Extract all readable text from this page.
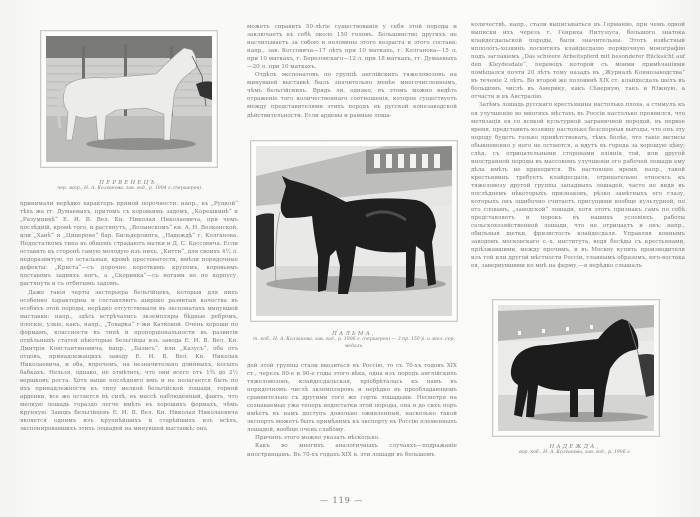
ПЕРВЕНЕЦЪ,
пер. жер., Н. А. Колганова, зав. год., р. 1904 г. (першерон).

принимали нерѣдко характеръ прямой порочности: напр., въ „Руцкой“ тѣхъ же гг. Думаевыхъ, притомъ съ коровьимъ задомъ, „Корешкинѣ“ и „Разумникѣ“ Е. И. В. Вел. Кн. Николая Николаевича, при чемъ послѣдній, кромѣ того, и растянутъ, „Волынскомъ“ кн. А. Н. Волконской, или „Ханѣ“ и „Цицероне“ бар. Бильдерлинга, „Надеждѣ“ г. Колганова. Недостаткомъ типа въ общемъ страдаютъ матки и Д. С. Коссовича. Если оставить въ сторонѣ самую молодую изъ нихъ, „Китти“, для своихъ 4½ л. недоразвитую, то остальныя, кромѣ простоватости, имѣли порядочные дефекты: „Криста“—съ порочно короткимъ крупомъ, коровьимъ поставомъ заднихъ ногъ, а „Скоринка“—съ ногами не по корпусу, растянута и съ отбитымъ задомъ.

Даже такія черты экстерьера бельгійцевъ, которыя для нихъ особенно характерны и составляютъ широко развитыя качества въ особяхъ этой породы, нерѣдко отсутствовали въ экспонатахъ минувшей выставки: напр., здѣсь встрѣчались экземпляры бѣдные ребромъ, плоскіе, узкіе, какъ, напр., „Товарка“ г-жи Катковой. Очень хороши по формамъ, классности въ типѣ и пропорціональности въ развитіи отдѣльныхъ статей нѣкоторые бельгійцы изъ завода Е. И. В. Вел. Кн. Дмитрія Константиновича, напр., „Базисъ“, или „Казусъ“, оба отъ отцовъ, принадлежащихъ заводу Е. И. В. Вел. Кн. Николая Николаевича, и оба, впрочемъ, на незначительно длинныхъ, косыхъ бабкахъ. Нельзя, однако, не отмѣтить, что они всего отъ 1¾ до 2½ вершковъ роста. Хотя выше послѣдняго имъ и не полагается быть по ихъ принадлежности къ типу мелкой бельгійской лошади, горной арденки, все же остается въ силѣ, въ массѣ наблюденный, фактъ, что мелкую лошадь гораздо легче имѣть въ хорошихъ формахъ, чѣмъ крупную. Заводъ бельгійцевъ Е. И. В. Вел. Кн. Николая Николаевича является однимъ изъ крупнѣйшихъ и старѣйшихъ изъ всѣхъ, экспонировавшихъ этихъ лошадей на минувшей выставкѣ; онъ

можетъ справить 50-лѣтіе существованія у себя этой породы и заключаетъ въ себѣ около 150 головъ. Большинство другихъ не насчитываетъ за собою и половины этого возраста и этого состава: напр., зав. Коссовича—17 лѣтъ при 10 маткахъ, г. Колганова—15 л. при 10 маткахъ, г. Березовскаго—12 л. при 18 маткахъ, гг. Думаевыхъ—20 л. при 10 маткахъ.

Отдѣлъ экспонатовъ по группѣ англійскихъ тяжеловозовъ на минувшей выставкѣ былъ значительно менѣе многочисленнымъ, чѣмъ бельгійскихъ. Врядъ ли, однако, въ этомъ можно видѣть отраженіе того количественнаго соотношенія, которое существуетъ между представителями этихъ породъ въ русской конезаводской дѣйствительности. Если ардены и рамные лоша-

ПАЛЬМА,
т. коб., Н. А. Колганова, зав. год., р. 1906 г. (першерон) — 3 пр. 150 р. и жел. сер. медаль.

дей этой группы стали ввозиться въ Россію, то съ 70-хъ годовъ XIX ст., черезъ 80-е и 90-е годы этого вѣка, одна изъ породъ англійскихъ тяжеловозовъ, клайдесдальская, пріобрѣталась къ намъ въ порядочномъ числѣ экземпляровъ и нерѣдко въ преобладающемъ сравнительно съ другими того же сорта лошадьми. Несмотря на сознаваемые уже теперь недостатки этой породы, она и до сихъ поръ имѣетъ въ намъ доступъ довольно оживленный, насколько такой экспортъ можетъ быть примѣнимъ къ экспорту въ Россію племенныхъ лошадей, вообще очень слабому.

Причинъ этого можно указать нѣсколько.

Какъ во многихъ аналогичныхъ случаяхъ—подражаніе иностранцамъ. Въ 70-хъ годахъ XIX в. эти лошади въ большомъ

количествѣ, напр., стали выписываться въ Германію, при чемъ одной выписки ихъ черезъ г. Генриха Нитузіуса, большого знатока клайдесдальской породы, были значительны. Этотъ извѣстный ипполóгъ-хозяинъ посвятилъ клайдесдалю порядочную монографію подъ заглавіемъ „Das schwere Arbeitspferd mit besonderer Rücksicht auf den Kleydesdale“, переводъ которой съ моими примѣчаніями помѣщался почти 20 лѣтъ тому назадъ въ „Журналѣ Коннозаводства“ въ теченіе 2 лѣтъ. Во второй же половинѣ XIX ст. клайдесдаль шелъ въ большомъ числѣ въ Америку, какъ Сѣверную, такъ и Южную, а отчасти и въ Австралію.

Затѣмъ лошадь русскаго крестьянина настолько плоха, а стимулъ къ ея улучшенію во многихъ мѣстахъ въ Россіи настолько проявился, что метизація ея со всякой культурной заграничной породой, въ первое время, представить хозяину настолько безспорныя выгоды, что онъ эту породу будетъ только привѣтствовать, тѣмъ болѣе, что такіе метисы обыкновенно у него не остаются, а идутъ въ города за хорошую цѣну; слѣд. съ отрицательными сторонами вліянія той, или другой иностранной породы въ массовомъ улучшеніи его рабочей лошади ему дѣла имѣть не приходится. Въ настоящее время, напр., такой крестьянинъ требуетъ клайдесдаля, отрицательно относясь къ тяжеловозу другой группы западныхъ лошадей, часто не видя въ послѣднемъ нѣкоторыхъ признаковъ, рѣзко замѣтныхъ его глазу, которыхъ онъ ошибочно считаетъ присущими вообще культурной, по его словамъ, „заводской“ лошади, хотя этотъ признакъ самъ по себѣ представляетъ и порокъ въ нашихъ условіяхъ работы сельскохозяйственной лошади, что не отрицаетъ и онъ; напр., обильныя щетки, фризистость клайдесдаля. Управляя коннымъ заводомъ московскаго с.-х. института, ведя бесѣды съ крестьянами, пріѣзжавшими, между прочимъ, и въ Москву купить производителя изъ той или другой мѣстности Россіи, главнымъ образомъ, юго-востока ея, завернувшими ко мнѣ на ферму,—я нерѣдко слышалъ

НАДЕЖДА,
вор. коб., Н. А. Колганова, зав. год., р. 1906 г.
— 119 —
